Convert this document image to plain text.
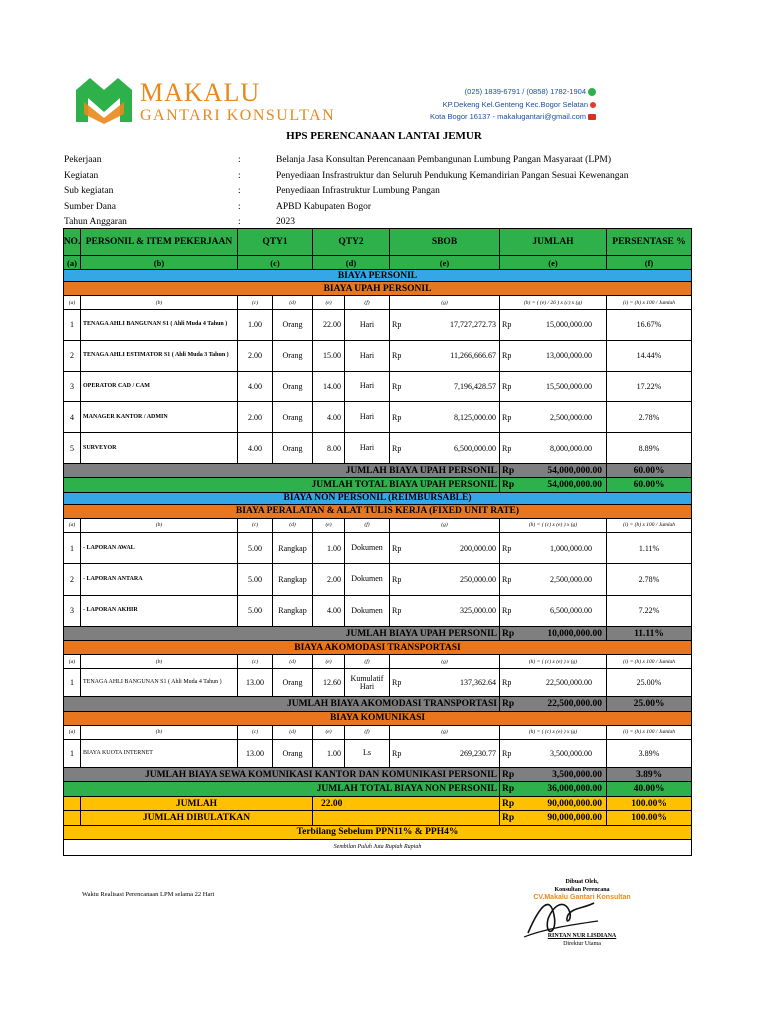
MAKALU
GANTARI KONSULTAN
(025) 1839-6791 / (0858) 1782-1904
KP.Dekeng Kel.Genteng Kec.Bogor Selatan
Kota Bogor 16137 - makalugantari@gmail.com
HPS PERENCANAAN LANTAI JEMUR
Pekerjaan	:	Belanja Jasa Konsultan Perencanaan Pembangunan Lumbung Pangan Masyaraat (LPM)
Kegiatan	:	Penyediaan Insfrastruktur dan Seluruh Pendukung Kemandirian Pangan Sesuai Kewenangan
Sub kegiatan	:	Penyediaan Infrastruktur Lumbung Pangan
Sumber Dana	:	APBD Kabupaten Bogor
Tahun Anggaran	:	2023
NO. PERSONIL & ITEM PEKERJAAN	QTY1	QTY2	SBOB	JUMLAH	PERSENTASE %
(a)	(b)	(c)	(d)	(e)	(e)	(f)
BIAYA PERSONIL
BIAYA UPAH PERSONIL
(a)	(b)	(c)	(d)	(e)	(f)	(g)	(h) = ( (e) / 26 ) x (c) x (g)	(i) = (h) x 100 / Jumlah
1	TENAGA AHLI BANGUNAN S1 ( Ahli Muda 4 Tahun )	1.00	Orang	22.00	Hari	Rp	17,727,272.73 Rp	15,000,000.00	16.67%
2	TENAGA AHLI ESTIMATOR S1 ( Ahli Muda 3 Tahun )	2.00	Orang	15.00	Hari	Rp	11,266,666.67 Rp	13,000,000.00	14.44%
3	OPERATOR CAD / CAM	4.00	Orang	14.00	Hari	Rp	7,196,428.57 Rp	15,500,000.00	17.22%
4	MANAGER KANTOR / ADMIN	2.00	Orang	4.00	Hari	Rp	8,125,000.00 Rp	2,500,000.00	2.78%
5	SURVEYOR	4.00	Orang	8.00	Hari	Rp	6,500,000.00 Rp	8,000,000.00	8.89%
JUMLAH BIAYA UPAH PERSONIL Rp	54,000,000.00	60.00%
JUMLAH TOTAL BIAYA UPAH PERSONIL Rp	54,000,000.00	60.00%
BIAYA NON PERSONIL (REIMBURSABLE)
BIAYA PERALATAN & ALAT TULIS KERJA (FIXED UNIT RATE)
(a)	(b)	(c)	(d)	(e)	(f)	(g)	(h) = ( (c) x (e) ) x (g)	(i) = (h) x 100 / Jumlah
1	- LAPORAN AWAL	5.00	Rangkap	1.00	Dokumen	Rp	200,000.00 Rp	1,000,000.00	1.11%
2	- LAPORAN ANTARA	5.00	Rangkap	2.00	Dokumen	Rp	250,000.00 Rp	2,500,000.00	2.78%
3	- LAPORAN AKHIR	5.00	Rangkap	4.00	Dokumen	Rp	325,000.00 Rp	6,500,000.00	7.22%
JUMLAH BIAYA UPAH PERSONIL Rp	10,000,000.00	11.11%
BIAYA AKOMODASI TRANSPORTASI
(a)	(b)	(c)	(d)	(e)	(f)	(g)	(h) = ( (c) x (e) ) x (g)	(i) = (h) x 100 / Jumlah
1	TENAGA AHLI BANGUNAN S1 ( Ahli Muda 4 Tahun )	13.00	Orang	12.60	Kumulatif Hari	Rp	137,362.64 Rp	22,500,000.00	25.00%
JUMLAH BIAYA AKOMODASI TRANSPORTASI Rp	22,500,000.00	25.00%
BIAYA KOMUNIKASI
(a)	(b)	(c)	(d)	(e)	(f)	(g)	(h) = ( (c) x (e) ) x (g)	(i) = (h) x 100 / Jumlah
1	BIAYA KUOTA INTERNET	13.00	Orang	1.00	Ls	Rp	269,230.77 Rp	3,500,000.00	3.89%
JUMLAH BIAYA SEWA KOMUNIKASI KANTOR DAN KOMUNIKASI PERSONIL Rp	3,500,000.00	3.89%
JUMLAH TOTAL BIAYA NON PERSONIL Rp	36,000,000.00	40.00%
JUMLAH	22.00	Rp	90,000,000.00	100.00%
JUMLAH DIBULATKAN	Rp	90,000,000.00	100.00%
Terbilang Sebelum PPN11% & PPH4%
Sembilan Puluh Juta Rupiah Rupiah
Waktu Realisasi Perencanaan LPM selama 22 Hari
Dibuat Oleh,
Konsultan Perencana
CV.Makalu Gantari Konsultan
RINTAN NUR LISDIANA
Direktur Utama
